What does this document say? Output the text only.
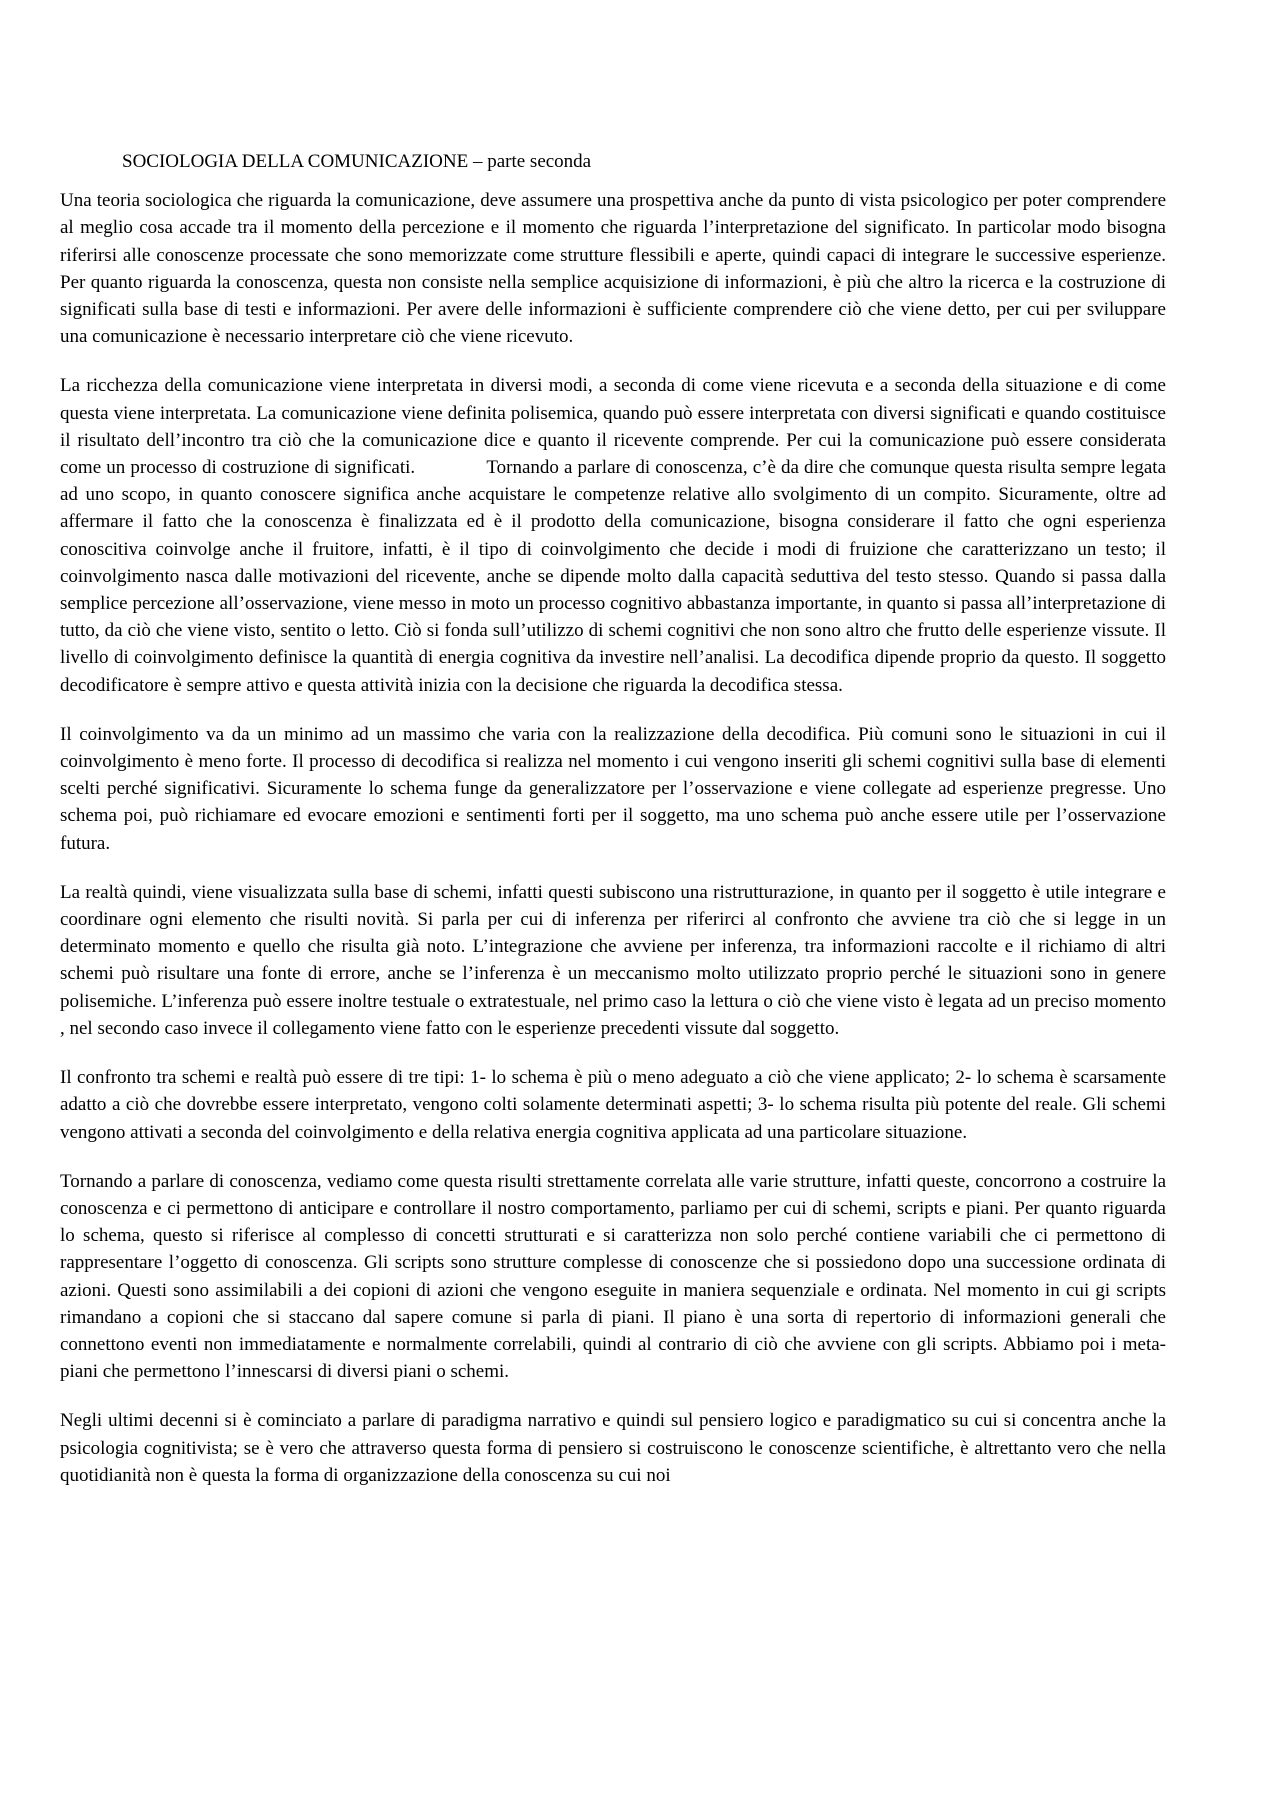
SOCIOLOGIA DELLA COMUNICAZIONE – parte seconda

Una teoria sociologica che riguarda la comunicazione, deve assumere una prospettiva anche da punto di vista psicologico per poter comprendere al meglio cosa accade tra il momento della percezione e il momento che riguarda l’interpretazione del significato. In particolar modo bisogna riferirsi alle conoscenze processate che sono memorizzate come strutture flessibili e aperte, quindi capaci di integrare le successive esperienze. Per quanto riguarda la conoscenza, questa non consiste nella semplice acquisizione di informazioni, è più che altro la ricerca e la costruzione di significati sulla base di testi e informazioni. Per avere delle informazioni è sufficiente comprendere ciò che viene detto, per cui per sviluppare una comunicazione è necessario interpretare ciò che viene ricevuto.

La ricchezza della comunicazione viene interpretata in diversi modi, a seconda di come viene ricevuta e a seconda della situazione e di come questa viene interpretata. La comunicazione viene definita polisemica, quando può essere interpretata con diversi significati e quando costituisce il risultato dell’incontro tra ciò che la comunicazione dice e quanto il ricevente comprende. Per cui la comunicazione può essere considerata come un processo di costruzione di significati.              Tornando a parlare di conoscenza, c’è da dire che comunque questa risulta sempre legata ad uno scopo, in quanto conoscere significa anche acquistare le competenze relative allo svolgimento di un compito. Sicuramente, oltre ad affermare il fatto che la conoscenza è finalizzata ed è il prodotto della comunicazione, bisogna considerare il fatto che ogni esperienza conoscitiva coinvolge anche il fruitore, infatti, è il tipo di coinvolgimento che decide i modi di fruizione che caratterizzano un testo; il coinvolgimento nasca dalle motivazioni del ricevente, anche se dipende molto dalla capacità seduttiva del testo stesso. Quando si passa dalla semplice percezione all’osservazione, viene messo in moto un processo cognitivo abbastanza importante, in quanto si passa all’interpretazione di tutto, da ciò che viene visto, sentito o letto. Ciò si fonda sull’utilizzo di schemi cognitivi che non sono altro che frutto delle esperienze vissute. Il livello di coinvolgimento definisce la quantità di energia cognitiva da investire nell’analisi. La decodifica dipende proprio da questo. Il soggetto decodificatore è sempre attivo e questa attività inizia con la decisione che riguarda la decodifica stessa.

Il coinvolgimento va da un minimo ad un massimo che varia con la realizzazione della decodifica. Più comuni sono le situazioni in cui il coinvolgimento è meno forte. Il processo di decodifica si realizza nel momento i cui vengono inseriti gli schemi cognitivi sulla base di elementi scelti perché significativi. Sicuramente lo schema funge da generalizzatore per l’osservazione e viene collegate ad esperienze pregresse. Uno schema poi, può richiamare ed evocare emozioni e sentimenti forti per il soggetto, ma uno schema può anche essere utile per l’osservazione futura.

La realtà quindi, viene visualizzata sulla base di schemi, infatti questi subiscono una ristrutturazione, in quanto per il soggetto è utile integrare e coordinare ogni elemento che risulti novità. Si parla per cui di inferenza per riferirci al confronto che avviene tra ciò che si legge in un determinato momento e quello che risulta già noto. L’integrazione che avviene per inferenza, tra informazioni raccolte e il richiamo di altri schemi può risultare una fonte di errore, anche se l’inferenza è un meccanismo molto utilizzato proprio perché le situazioni sono in genere polisemiche. L’inferenza può essere inoltre testuale o extratestuale, nel primo caso la lettura o ciò che viene visto è legata ad un preciso momento , nel secondo caso invece il collegamento viene fatto con le esperienze precedenti vissute dal soggetto.

Il confronto tra schemi e realtà può essere di tre tipi: 1- lo schema è più o meno adeguato a ciò che viene applicato; 2- lo schema è scarsamente adatto a ciò che dovrebbe essere interpretato, vengono colti solamente determinati aspetti; 3- lo schema risulta più potente del reale. Gli schemi vengono attivati a seconda del coinvolgimento e della relativa energia cognitiva applicata ad una particolare situazione.

Tornando a parlare di conoscenza, vediamo come questa risulti strettamente correlata alle varie strutture, infatti queste, concorrono a costruire la conoscenza e ci permettono di anticipare e controllare il nostro comportamento, parliamo per cui di schemi, scripts e piani. Per quanto riguarda lo schema, questo si riferisce al complesso di concetti strutturati e si caratterizza non solo perché contiene variabili che ci permettono di rappresentare l’oggetto di conoscenza. Gli scripts sono strutture complesse di conoscenze che si possiedono dopo una successione ordinata di azioni. Questi sono assimilabili a dei copioni di azioni che vengono eseguite in maniera sequenziale e ordinata. Nel momento in cui gi scripts rimandano a copioni che si staccano dal sapere comune si parla di piani. Il piano è una sorta di repertorio di informazioni generali che connettono eventi non immediatamente e normalmente correlabili, quindi al contrario di ciò che avviene con gli scripts. Abbiamo poi i meta-piani che permettono l’innescarsi di diversi piani o schemi.

Negli ultimi decenni si è cominciato a parlare di paradigma narrativo e quindi sul pensiero logico e paradigmatico su cui si concentra anche la psicologia cognitivista; se è vero che attraverso questa forma di pensiero si costruiscono le conoscenze scientifiche, è altrettanto vero che nella quotidianità non è questa la forma di organizzazione della conoscenza su cui noi
